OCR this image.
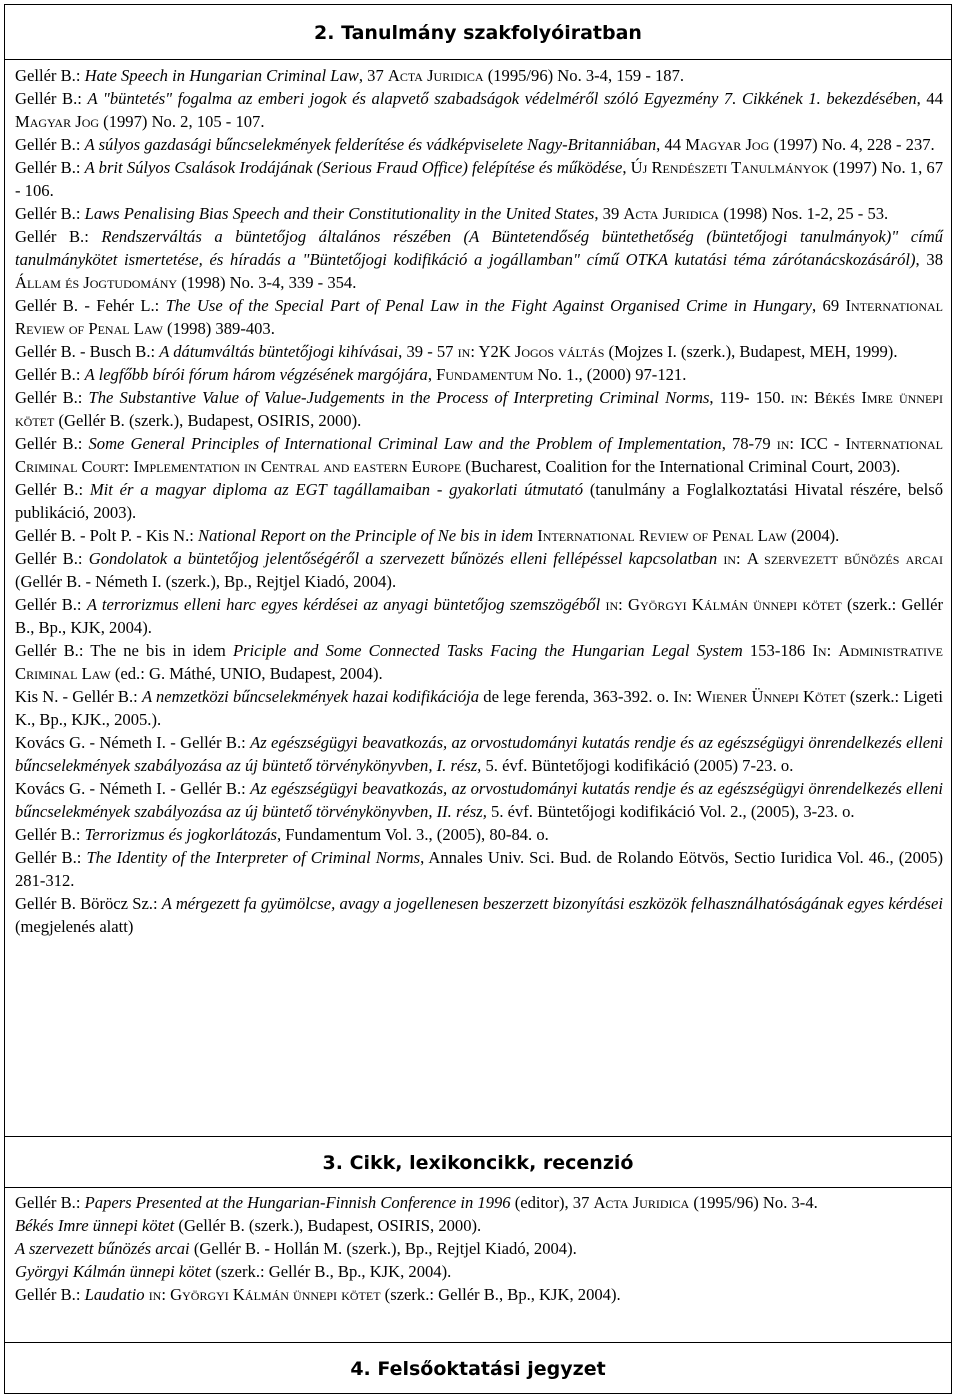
2. Tanulmány szakfolyóiratban
Gellér B.: Hate Speech in Hungarian Criminal Law, 37 Acta Juridica (1995/96) No. 3-4, 159 - 187.
Gellér B.: A "büntetés" fogalma az emberi jogok és alapvető szabadságok védelméről szóló Egyezmény 7. Cikkének 1. bekezdésében, 44 Magyar Jog (1997) No. 2, 105 - 107.
Gellér B.: A súlyos gazdasági bűncselekmények felderítése és vádképviselete Nagy-Britanniában, 44 Magyar Jog (1997) No. 4, 228 - 237.
Gellér B.: A brit Súlyos Csalások Irodájának (Serious Fraud Office) felépítése és működése, Új Rendészeti Tanulmányok (1997) No. 1, 67 - 106.
Gellér B.: Laws Penalising Bias Speech and their Constitutionality in the United States, 39 Acta Juridica (1998) Nos. 1-2, 25 - 53.
Gellér B.: Rendszerváltás a büntetőjog általános részében (A Büntetendőség büntethetőség (büntetőjogi tanulmányok)" című tanulmánykötet ismertetése, és híradás a "Büntetőjogi kodifikáció a jogállamban" című OTKA kutatási téma zárótanácskozásáról), 38 Állam és Jogtudomány (1998) No. 3-4, 339 - 354.
Gellér B. - Fehér L.: The Use of the Special Part of Penal Law in the Fight Against Organised Crime in Hungary, 69 International Review of Penal Law (1998) 389-403.
Gellér B. - Busch B.: A dátumváltás büntetőjogi kihívásai, 39 - 57 in: Y2K Jogos váltás (Mojzes I. (szerk.), Budapest, MEH, 1999).
Gellér B.: A legfőbb bírói fórum három végzésének margójára, Fundamentum No. 1., (2000) 97-121.
Gellér B.: The Substantive Value of Value-Judgements in the Process of Interpreting Criminal Norms, 119- 150. in: Békés Imre ünnepi kötet (Gellér B. (szerk.), Budapest, OSIRIS, 2000).
Gellér B.: Some General Principles of International Criminal Law and the Problem of Implementation, 78-79 in: ICC - International Criminal Court: Implementation in Central and eastern Europe (Bucharest, Coalition for the International Criminal Court, 2003).
Gellér B.: Mit ér a magyar diploma az EGT tagállamaiban - gyakorlati útmutató (tanulmány a Foglalkoztatási Hivatal részére, belső publikáció, 2003).
Gellér B. - Polt P. - Kis N.: National Report on the Principle of Ne bis in idem International Review of Penal Law (2004).
Gellér B.: Gondolatok a büntetőjog jelentőségéről a szervezett bűnözés elleni fellépéssel kapcsolatban in: A szervezett bűnözés arcai (Gellér B. - Németh I. (szerk.), Bp., Rejtjel Kiadó, 2004).
Gellér B.: A terrorizmus elleni harc egyes kérdései az anyagi büntetőjog szemszögéből in: Györgyi Kálmán ünnepi kötet (szerk.: Gellér B., Bp., KJK, 2004).
Gellér B.: The ne bis in idem Priciple and Some Connected Tasks Facing the Hungarian Legal System 153-186 In: Administrative Criminal Law (ed.: G. Máthé, UNIO, Budapest, 2004).
Kis N. - Gellér B.: A nemzetközi bűncselekmények hazai kodifikációja de lege ferenda, 363-392. o. In: Wiener Ünnepi Kötet (szerk.: Ligeti K., Bp., KJK., 2005.).
Kovács G. - Németh I. - Gellér B.: Az egészségügyi beavatkozás, az orvostudományi kutatás rendje és az egészségügyi önrendelkezés elleni bűncselekmények szabályozása az új büntető törvénykönyvben, I. rész, 5. évf. Büntetőjogi kodifikáció (2005) 7-23. o.
Kovács G. - Németh I. - Gellér B.: Az egészségügyi beavatkozás, az orvostudományi kutatás rendje és az egészségügyi önrendelkezés elleni bűncselekmények szabályozása az új büntető törvénykönyvben, II. rész, 5. évf. Büntetőjogi kodifikáció Vol. 2., (2005), 3-23. o.
Gellér B.: Terrorizmus és jogkorlátozás, Fundamentum Vol. 3., (2005), 80-84. o.
Gellér B.: The Identity of the Interpreter of Criminal Norms, Annales Univ. Sci. Bud. de Rolando Eötvös, Sectio Iuridica Vol. 46., (2005) 281-312.
Gellér B. Böröcz Sz.: A mérgezett fa gyümölcse, avagy a jogellenesen beszerzett bizonyítási eszközök felhasználhatóságának egyes kérdései (megjelenés alatt)
3. Cikk, lexikoncikk, recenzió
Gellér B.: Papers Presented at the Hungarian-Finnish Conference in 1996 (editor), 37 Acta Juridica (1995/96) No. 3-4.
Békés Imre ünnepi kötet (Gellér B. (szerk.), Budapest, OSIRIS, 2000).
A szervezett bűnözés arcai (Gellér B. - Hollán M. (szerk.), Bp., Rejtjel Kiadó, 2004).
Györgyi Kálmán ünnepi kötet (szerk.: Gellér B., Bp., KJK, 2004).
Gellér B.: Laudatio in: Györgyi Kálmán ünnepi kötet (szerk.: Gellér B., Bp., KJK, 2004).
4. Felsőoktatási jegyzet
